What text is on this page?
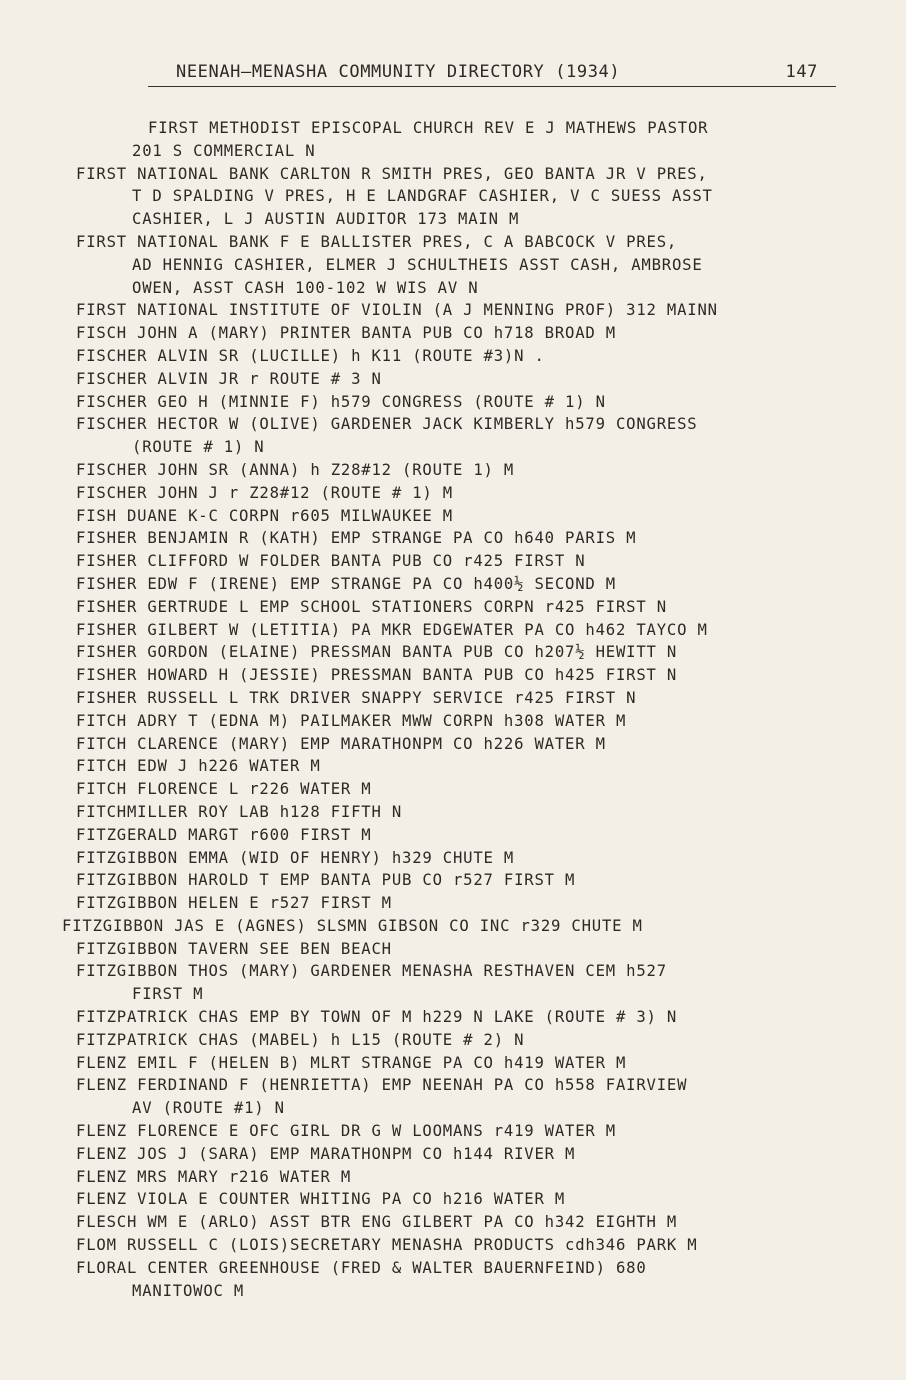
NEENAH—MENASHA COMMUNITY DIRECTORY (1934)	147
FIRST METHODIST EPISCOPAL CHURCH REV E J MATHEWS PASTOR
201 S COMMERCIAL N
FIRST NATIONAL BANK CARLTON R SMITH PRES, GEO BANTA JR V PRES,
T D SPALDING V PRES, H E LANDGRAF CASHIER, V C SUESS ASST
CASHIER, L J AUSTIN AUDITOR 173 MAIN M
FIRST NATIONAL BANK F E BALLISTER PRES, C A BABCOCK V PRES,
AD HENNIG CASHIER, ELMER J SCHULTHEIS ASST CASH, AMBROSE
OWEN, ASST CASH 100-102 W WIS AV N
FIRST NATIONAL INSTITUTE OF VIOLIN (A J MENNING PROF) 312 MAINN
FISCH JOHN A (MARY) PRINTER BANTA PUB CO h718 BROAD M
FISCHER ALVIN SR (LUCILLE) h K11 (ROUTE #3)N .
FISCHER ALVIN JR r ROUTE # 3 N
FISCHER GEO H (MINNIE F) h579 CONGRESS (ROUTE # 1) N
FISCHER HECTOR W (OLIVE) GARDENER JACK KIMBERLY h579 CONGRESS
(ROUTE # 1) N
FISCHER JOHN SR (ANNA) h Z28#12 (ROUTE 1) M
FISCHER JOHN J r Z28#12 (ROUTE # 1) M
FISH DUANE K-C CORPN r605 MILWAUKEE M
FISHER BENJAMIN R (KATH) EMP STRANGE PA CO h640 PARIS M
FISHER CLIFFORD W FOLDER BANTA PUB CO r425 FIRST N
FISHER EDW F (IRENE) EMP STRANGE PA CO h400½ SECOND M
FISHER GERTRUDE L EMP SCHOOL STATIONERS CORPN r425 FIRST N
FISHER GILBERT W (LETITIA) PA MKR EDGEWATER PA CO h462 TAYCO M
FISHER GORDON (ELAINE) PRESSMAN BANTA PUB CO h207½ HEWITT N
FISHER HOWARD H (JESSIE) PRESSMAN BANTA PUB CO h425 FIRST N
FISHER RUSSELL L TRK DRIVER SNAPPY SERVICE r425 FIRST N
FITCH ADRY T (EDNA M) PAILMAKER MWW CORPN h308 WATER M
FITCH CLARENCE (MARY) EMP MARATHONPM CO h226 WATER M
FITCH EDW J h226 WATER M
FITCH FLORENCE L r226 WATER M
FITCHMILLER ROY LAB h128 FIFTH N
FITZGERALD MARGT r600 FIRST M
FITZGIBBON EMMA (WID OF HENRY) h329 CHUTE M
FITZGIBBON HAROLD T EMP BANTA PUB CO r527 FIRST M
FITZGIBBON HELEN E r527 FIRST M
FITZGIBBON JAS E (AGNES) SLSMN GIBSON CO INC r329 CHUTE M
FITZGIBBON TAVERN SEE BEN BEACH
FITZGIBBON THOS (MARY) GARDENER MENASHA RESTHAVEN CEM h527
FIRST M
FITZPATRICK CHAS EMP BY TOWN OF M h229 N LAKE (ROUTE # 3) N
FITZPATRICK CHAS (MABEL) h L15 (ROUTE # 2) N
FLENZ EMIL F (HELEN B) MLRT STRANGE PA CO h419 WATER M
FLENZ FERDINAND F (HENRIETTA) EMP NEENAH PA CO h558 FAIRVIEW
AV (ROUTE #1) N
FLENZ FLORENCE E OFC GIRL DR G W LOOMANS r419 WATER M
FLENZ JOS J (SARA) EMP MARATHONPM CO h144 RIVER M
FLENZ MRS MARY r216 WATER M
FLENZ VIOLA E COUNTER WHITING PA CO h216 WATER M
FLESCH WM E (ARLO) ASST BTR ENG GILBERT PA CO h342 EIGHTH M
FLOM RUSSELL C (LOIS)SECRETARY MENASHA PRODUCTS cdh346 PARK M
FLORAL CENTER GREENHOUSE (FRED & WALTER BAUERNFEIND) 680
MANITOWOC M
